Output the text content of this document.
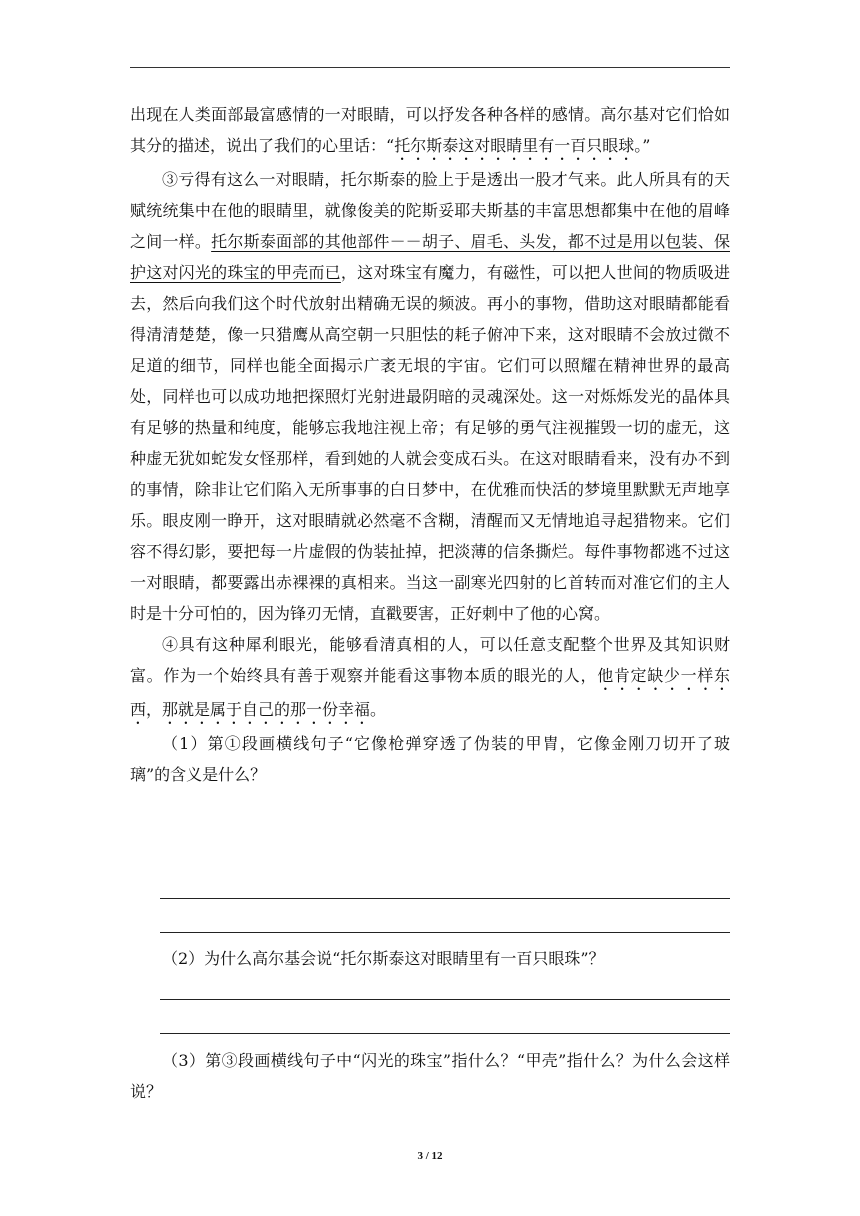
出现在人类面部最富感情的一对眼睛，可以抒发各种各样的感情。高尔基对它们恰如其分的描述，说出了我们的心里话：“托尔斯泰这对眼睛里有一百只眼球。”

③亏得有这么一对眼睛，托尔斯泰的脸上于是透出一股才气来。此人所具有的天赋统统集中在他的眼睛里，就像俊美的陀斯妥耶夫斯基的丰富思想都集中在他的眉峰之间一样。托尔斯泰面部的其他部件－－胡子、眉毛、头发，都不过是用以包装、保护这对闪光的珠宝的甲壳而已，这对珠宝有魔力，有磁性，可以把人世间的物质吸进去，然后向我们这个时代放射出精确无误的频波。再小的事物，借助这对眼睛都能看得清清楚楚，像一只猎鹰从高空朝一只胆怯的耗子俯冲下来，这对眼睛不会放过微不足道的细节，同样也能全面揭示广袤无垠的宇宙。它们可以照耀在精神世界的最高处，同样也可以成功地把探照灯光射进最阴暗的灵魂深处。这一对烁烁发光的晶体具有足够的热量和纯度，能够忘我地注视上帝；有足够的勇气注视摧毁一切的虚无，这种虚无犹如蛇发女怪那样，看到她的人就会变成石头。在这对眼睛看来，没有办不到的事情，除非让它们陷入无所事事的白日梦中，在优雅而快活的梦境里默默无声地享乐。眼皮刚一睁开，这对眼睛就必然毫不含糊，清醒而又无情地追寻起猎物来。它们容不得幻影，要把每一片虚假的伪装扯掉，把淡薄的信条撕烂。每件事物都逃不过这一对眼睛，都要露出赤裸裸的真相来。当这一副寒光四射的匕首转而对准它们的主人时是十分可怕的，因为锋刃无情，直戳要害，正好刺中了他的心窝。

④具有这种犀利眼光，能够看清真相的人，可以任意支配整个世界及其知识财富。作为一个始终具有善于观察并能看这事物本质的眼光的人，他肯定缺少一样东西，那就是属于自己的那一份幸福。

（1）第①段画横线句子“它像枪弹穿透了伪装的甲胄，它像金刚刀切开了玻璃”的含义是什么？

（2）为什么高尔基会说“托尔斯泰这对眼睛里有一百只眼珠”？

（3）第③段画横线句子中“闪光的珠宝”指什么？“甲壳”指什么？为什么会这样说？

3 / 12
